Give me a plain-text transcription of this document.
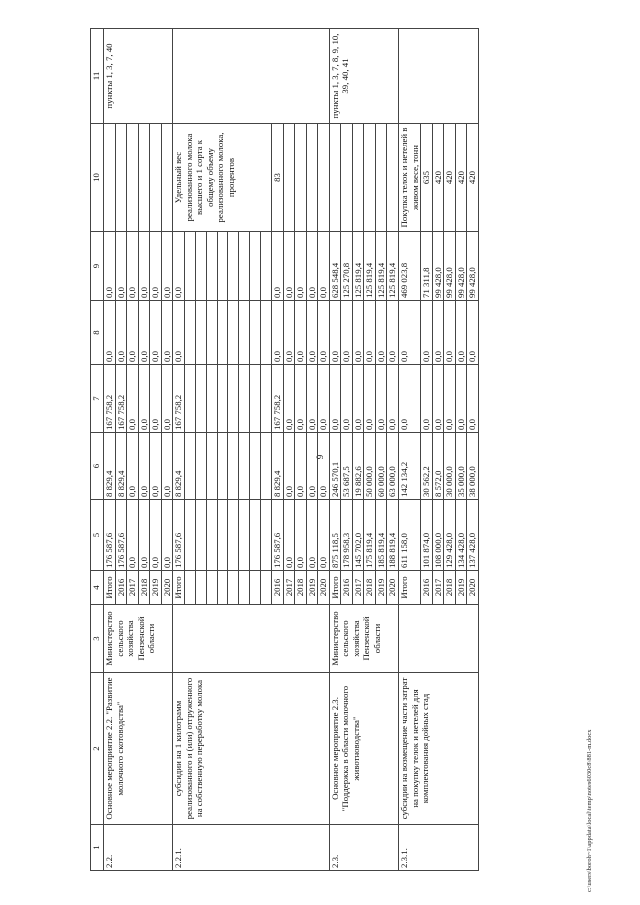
9
1	2	3	4	5	6	7	8	9	10	11
2.2.	Основное мероприятие 2.2. "Развитие молочного скотоводства"	Министерство сельского хозяйства Пензенской области	Итого	176 587,6	8 829,4	167 758,2	0,0	0,0		пункты 1, 3, 7, 40
			2016	176 587,6	8 829,4	167 758,2	0,0	0,0		
			2017	0,0	0,0	0,0	0,0	0,0		
			2018	0,0	0,0	0,0	0,0	0,0		
			2019	0,0	0,0	0,0	0,0	0,0		
			2020	0,0	0,0	0,0	0,0	0,0		
2.2.1.	субсидии на 1 килограмм реализованного и (или) отгруженного на собственную переработку молока		Итого	176 587,6	8 829,4	167 758,2	0,0	0,0	Удельный вес реализованного молока высшего и 1 сорта к общему объему реализованного молока, процентов	

			2016	176 587,6	8 829,4	167 758,2	0,0	0,0	83	
			2017	0,0	0,0	0,0	0,0	0,0		
			2018	0,0	0,0	0,0	0,0	0,0		
			2019	0,0	0,0	0,0	0,0	0,0		
			2020	0,0	0,0	0,0	0,0	0,0		
2.3.	Основное мероприятие 2.3. "Поддержка в области молочного животноводства"	Министерство сельского хозяйства Пензенской области	Итого	875 118,5	246 570,1	0,0	0,0	628 548,4		пункты 1, 3, 7, 8, 9, 10, 39, 40, 41
			2016	178 958,3	53 687,5	0,0	0,0	125 270,8		
			2017	145 702,0	19 882,6	0,0	0,0	125 819,4		
			2018	175 819,4	50 000,0	0,0	0,0	125 819,4		
			2019	185 819,4	60 000,0	0,0	0,0	125 819,4		
			2020	188 819,4	63 000,0	0,0	0,0	125 819,4		
2.3.1.	субсидии на возмещение части затрат на покупку телок и нетелей для комплектования дойных стад		Итого	611 158,0	142 134,2	0,0	0,0	469 023,8	Покупка телок и нетелей в живом весе, тонн	
			2016	101 874,0	30 562,2	0,0	0,0	71 311,8	635	
			2017	108 000,0	8 572,0	0,0	0,0	99 428,0	420	
			2018	129 428,0	30 000,0	0,0	0,0	99 428,0	420	
			2019	134 428,0	35 000,0	0,0	0,0	99 428,0	420	
			2020	137 428,0	38 000,0	0,0	0,0	99 428,0	420	
c:\users\boroh~1\appdata\local\temp\notes6030c8\881-m.docx
